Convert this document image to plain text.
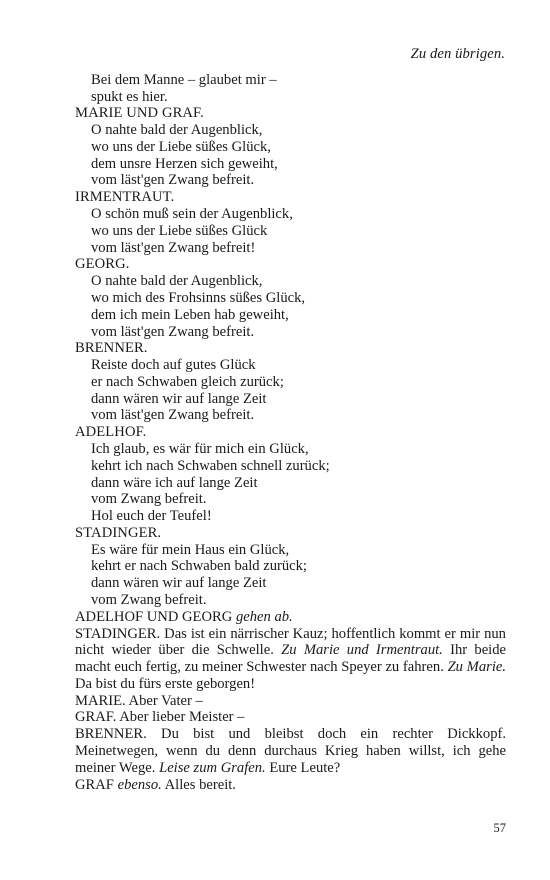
Zu den übrigen.

Bei dem Manne – glaubet mir –

spukt es hier.

MARIE UND GRAF.

O nahte bald der Augenblick,

wo uns der Liebe süßes Glück,

dem unsre Herzen sich geweiht,

vom läst'gen Zwang befreit.

IRMENTRAUT.

O schön muß sein der Augenblick,

wo uns der Liebe süßes Glück

vom läst'gen Zwang befreit!

GEORG.

O nahte bald der Augenblick,

wo mich des Frohsinns süßes Glück,

dem ich mein Leben hab geweiht,

vom läst'gen Zwang befreit.

BRENNER.

Reiste doch auf gutes Glück

er nach Schwaben gleich zurück;

dann wären wir auf lange Zeit

vom läst'gen Zwang befreit.

ADELHOF.

Ich glaub, es wär für mich ein Glück,

kehrt ich nach Schwaben schnell zurück;

dann wäre ich auf lange Zeit

vom Zwang befreit.

Hol euch der Teufel!

STADINGER.

Es wäre für mein Haus ein Glück,

kehrt er nach Schwaben bald zurück;

dann wären wir auf lange Zeit

vom Zwang befreit.

ADELHOF UND GEORG gehen ab.

STADINGER. Das ist ein närrischer Kauz; hoffentlich kommt er mir nun nicht wieder über die Schwelle. Zu Marie und Irmentraut. Ihr beide macht euch fertig, zu meiner Schwester nach Speyer zu fahren. Zu Marie. Da bist du fürs erste geborgen!

MARIE. Aber Vater –

GRAF. Aber lieber Meister –

BRENNER. Du bist und bleibst doch ein rechter Dickkopf. Meinetwegen, wenn du denn durchaus Krieg haben willst, ich gehe meiner Wege. Leise zum Grafen. Eure Leute?

GRAF ebenso. Alles bereit.

57
